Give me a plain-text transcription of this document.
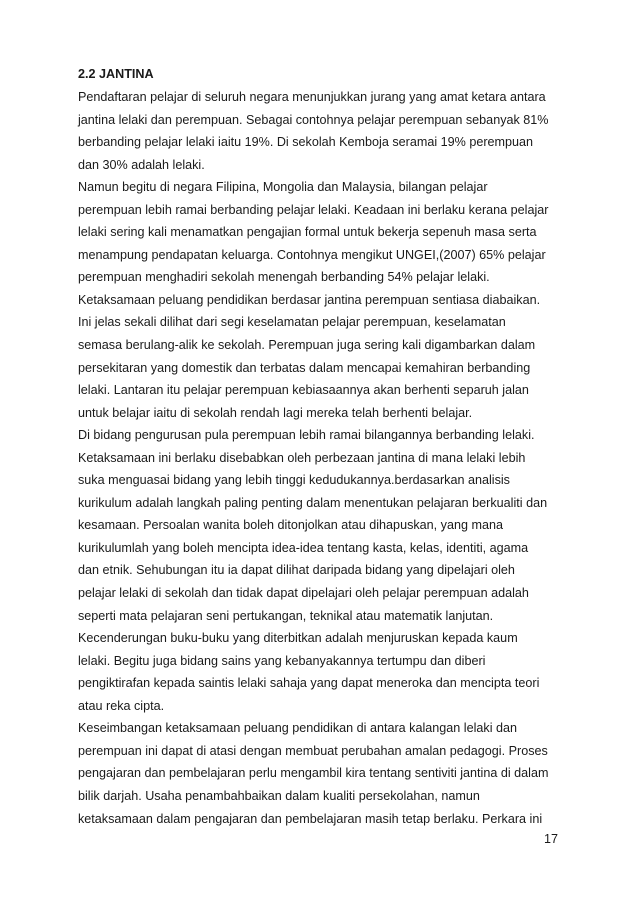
2.2 JANTINA
Pendaftaran pelajar di seluruh negara menunjukkan jurang yang amat ketara antara
jantina lelaki dan perempuan. Sebagai contohnya pelajar perempuan sebanyak 81%
berbanding pelajar lelaki iaitu 19%. Di sekolah Kemboja seramai 19% perempuan
dan 30% adalah lelaki.
Namun begitu di negara Filipina, Mongolia dan Malaysia, bilangan pelajar
perempuan lebih ramai berbanding pelajar lelaki. Keadaan ini berlaku kerana pelajar
lelaki sering kali menamatkan pengajian formal untuk bekerja sepenuh masa serta
menampung pendapatan keluarga. Contohnya mengikut UNGEI,(2007) 65% pelajar
perempuan menghadiri sekolah menengah berbanding 54% pelajar lelaki.
Ketaksamaan peluang pendidikan berdasar jantina perempuan sentiasa diabaikan.
Ini jelas sekali dilihat dari segi keselamatan pelajar perempuan, keselamatan
semasa berulang-alik ke sekolah. Perempuan juga sering kali digambarkan dalam
persekitaran yang domestik dan terbatas dalam mencapai kemahiran berbanding
lelaki. Lantaran itu pelajar perempuan kebiasaannya akan berhenti separuh jalan
untuk belajar iaitu di sekolah rendah lagi mereka telah berhenti belajar.
Di bidang pengurusan pula perempuan lebih ramai bilangannya berbanding lelaki.
Ketaksamaan ini berlaku disebabkan oleh perbezaan jantina di mana lelaki lebih
suka menguasai bidang yang lebih tinggi kedudukannya.berdasarkan analisis
kurikulum adalah langkah paling penting dalam menentukan pelajaran berkualiti dan
kesamaan. Persoalan wanita boleh ditonjolkan atau dihapuskan, yang mana
kurikulumlah yang boleh mencipta idea-idea tentang kasta, kelas, identiti, agama
dan etnik. Sehubungan itu ia dapat dilihat daripada bidang yang dipelajari oleh
pelajar lelaki di sekolah dan tidak dapat dipelajari oleh pelajar perempuan adalah
seperti mata pelajaran seni pertukangan, teknikal atau matematik lanjutan.
Kecenderungan buku-buku yang diterbitkan adalah menjuruskan kepada kaum
lelaki. Begitu juga bidang sains yang kebanyakannya tertumpu dan diberi
pengiktirafan kepada saintis lelaki sahaja yang dapat meneroka dan mencipta teori
atau reka cipta.
Keseimbangan ketaksamaan peluang pendidikan di antara kalangan lelaki dan
perempuan ini dapat di atasi dengan membuat perubahan amalan pedagogi. Proses
pengajaran dan pembelajaran perlu mengambil kira tentang sentiviti jantina di dalam
bilik darjah. Usaha penambahbaikan dalam kualiti persekolahan, namun
ketaksamaan dalam pengajaran dan pembelajaran masih tetap berlaku. Perkara ini
17
